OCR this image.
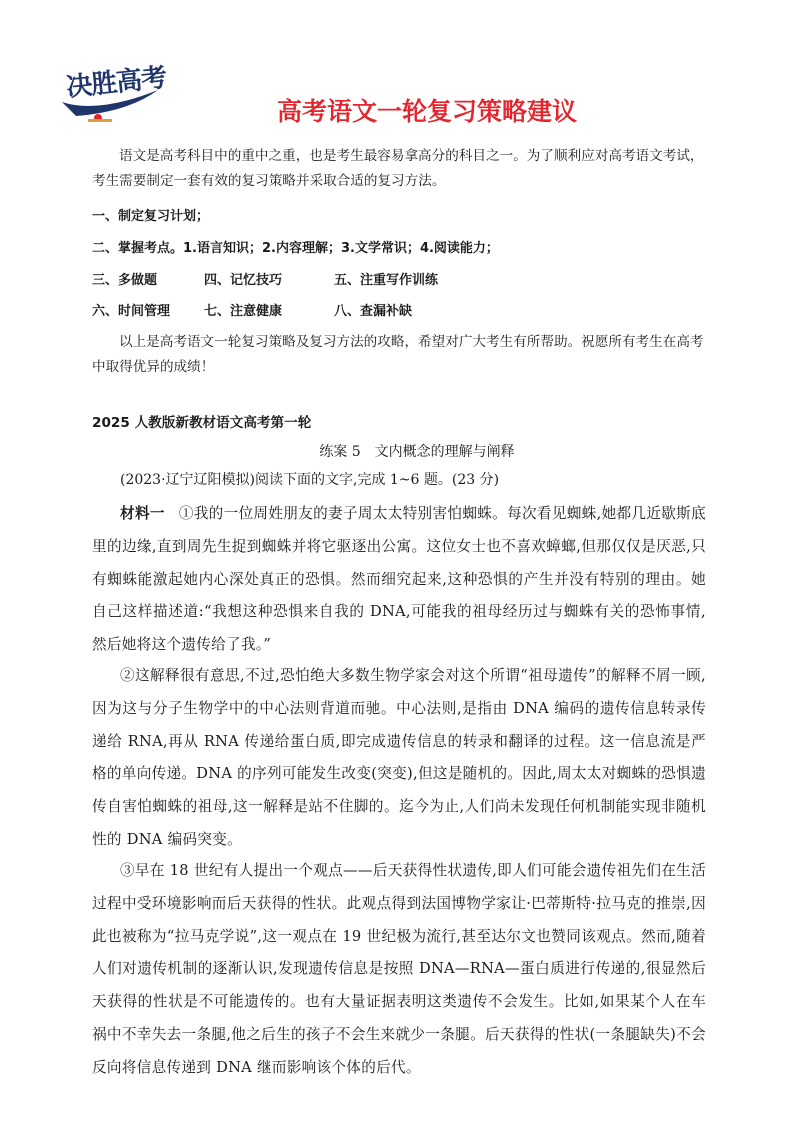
决胜高考
高考语文一轮复习策略建议

语文是高考科目中的重中之重，也是考生最容易拿高分的科目之一。为了顺利应对高考语文考试，考生需要制定一套有效的复习策略并采取合适的复习方法。

一、制定复习计划；
二、掌握考点。1.语言知识；2.内容理解；3.文学常识；4.阅读能力；
三、多做题	四、记忆技巧	五、注重写作训练
六、时间管理	七、注意健康	八、查漏补缺

以上是高考语文一轮复习策略及复习方法的攻略，希望对广大考生有所帮助。祝愿所有考生在高考中取得优异的成绩！

2025 人教版新教材语文高考第一轮
练案 5　文内概念的理解与阐释
(2023·辽宁辽阳模拟)阅读下面的文字,完成 1~6 题。(23 分)

材料一 ①我的一位周姓朋友的妻子周太太特别害怕蜘蛛。每次看见蜘蛛,她都几近歇斯底里的边缘,直到周先生捉到蜘蛛并将它驱逐出公寓。这位女士也不喜欢蟑螂,但那仅仅是厌恶,只有蜘蛛能激起她内心深处真正的恐惧。然而细究起来,这种恐惧的产生并没有特别的理由。她自己这样描述道:“我想这种恐惧来自我的 DNA,可能我的祖母经历过与蜘蛛有关的恐怖事情,然后她将这个遗传给了我。”

②这解释很有意思,不过,恐怕绝大多数生物学家会对这个所谓“祖母遗传”的解释不屑一顾,因为这与分子生物学中的中心法则背道而驰。中心法则,是指由 DNA 编码的遗传信息转录传递给 RNA,再从 RNA 传递给蛋白质,即完成遗传信息的转录和翻译的过程。这一信息流是严格的单向传递。DNA 的序列可能发生改变(突变),但这是随机的。因此,周太太对蜘蛛的恐惧遗传自害怕蜘蛛的祖母,这一解释是站不住脚的。迄今为止,人们尚未发现任何机制能实现非随机性的 DNA 编码突变。

③早在 18 世纪有人提出一个观点——后天获得性状遗传,即人们可能会遗传祖先们在生活过程中受环境影响而后天获得的性状。此观点得到法国博物学家让·巴蒂斯特·拉马克的推崇,因此也被称为“拉马克学说”,这一观点在 19 世纪极为流行,甚至达尔文也赞同该观点。然而,随着人们对遗传机制的逐渐认识,发现遗传信息是按照 DNA—RNA—蛋白质进行传递的,很显然后天获得的性状是不可能遗传的。也有大量证据表明这类遗传不会发生。比如,如果某个人在车祸中不幸失去一条腿,他之后生的孩子不会生来就少一条腿。后天获得的性状(一条腿缺失)不会反向将信息传递到 DNA 继而影响该个体的后代。
